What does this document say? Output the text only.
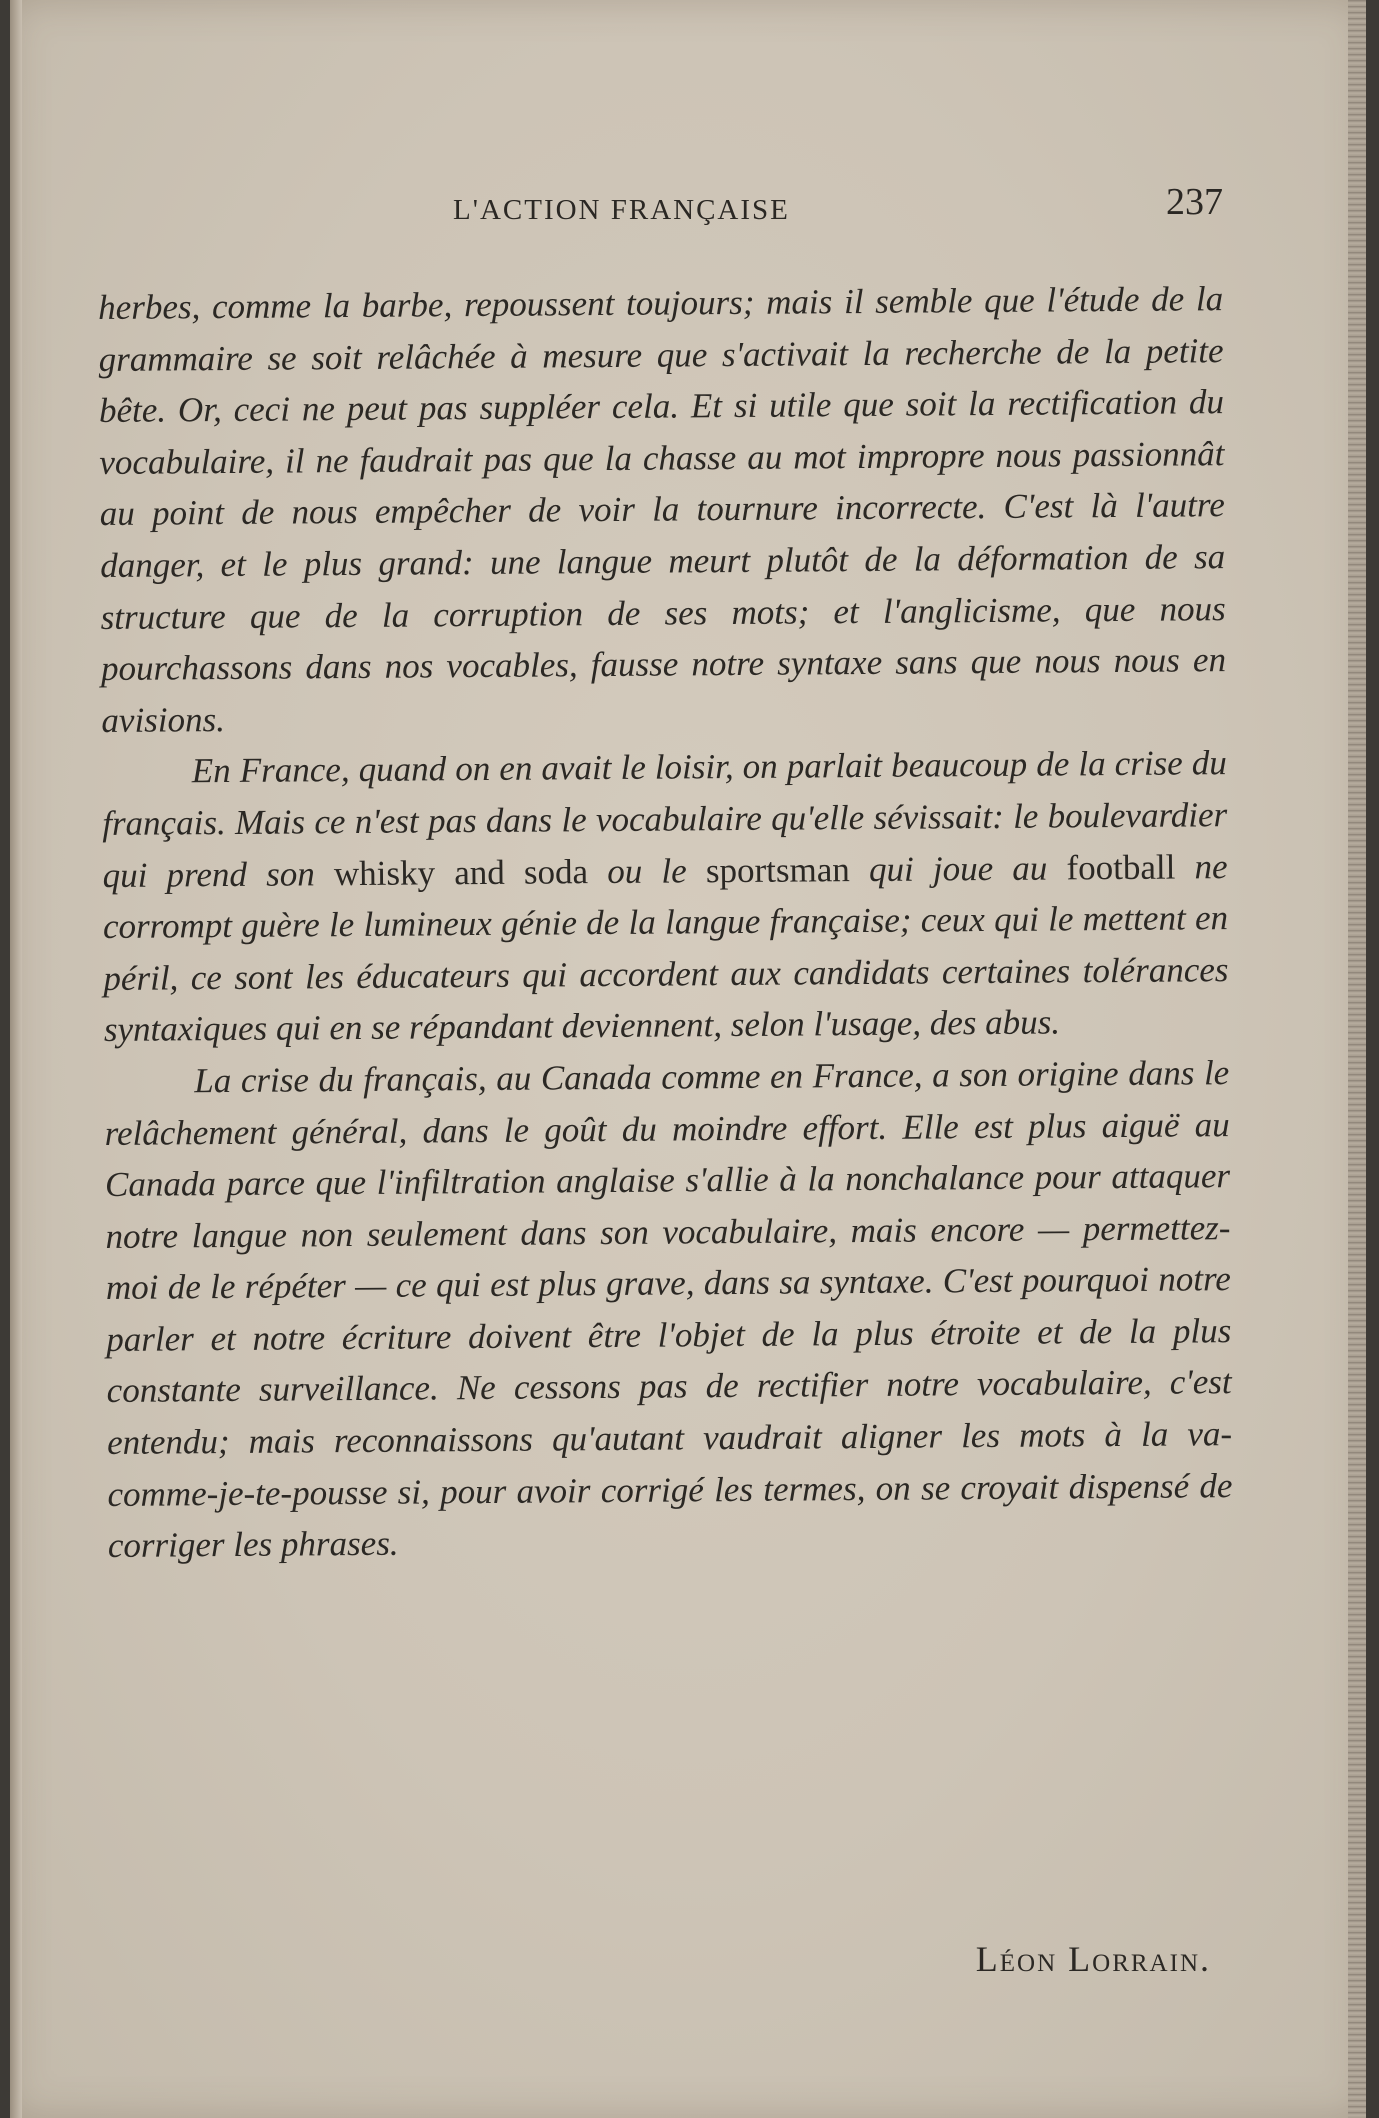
L'ACTION FRANÇAISE	237

herbes, comme la barbe, repoussent toujours; mais il semble que l'étude de la grammaire se soit relâchée à mesure que s'activait la recherche de la petite bête. Or, ceci ne peut pas suppléer cela. Et si utile que soit la rectification du vocabulaire, il ne faudrait pas que la chasse au mot impropre nous passionnât au point de nous empêcher de voir la tournure incorrecte. C'est là l'autre danger, et le plus grand: une langue meurt plutôt de la déformation de sa structure que de la corruption de ses mots; et l'anglicisme, que nous pourchassons dans nos vocables, fausse notre syntaxe sans que nous nous en avisions.

En France, quand on en avait le loisir, on parlait beaucoup de la crise du français. Mais ce n'est pas dans le vocabulaire qu'elle sévissait: le boulevardier qui prend son whisky and soda ou le sportsman qui joue au football ne corrompt guère le lumineux génie de la langue française; ceux qui le mettent en péril, ce sont les éducateurs qui accordent aux candidats certaines tolérances syntaxiques qui en se répandant deviennent, selon l'usage, des abus.

La crise du français, au Canada comme en France, a son origine dans le relâchement général, dans le goût du moindre effort. Elle est plus aiguë au Canada parce que l'infiltration anglaise s'allie à la nonchalance pour attaquer notre langue non seulement dans son vocabulaire, mais encore — permettez-moi de le répéter — ce qui est plus grave, dans sa syntaxe. C'est pourquoi notre parler et notre écriture doivent être l'objet de la plus étroite et de la plus constante surveillance. Ne cessons pas de rectifier notre vocabulaire, c'est entendu; mais reconnaissons qu'autant vaudrait aligner les mots à la va-comme-je-te-pousse si, pour avoir corrigé les termes, on se croyait dispensé de corriger les phrases.

Léon Lorrain.
